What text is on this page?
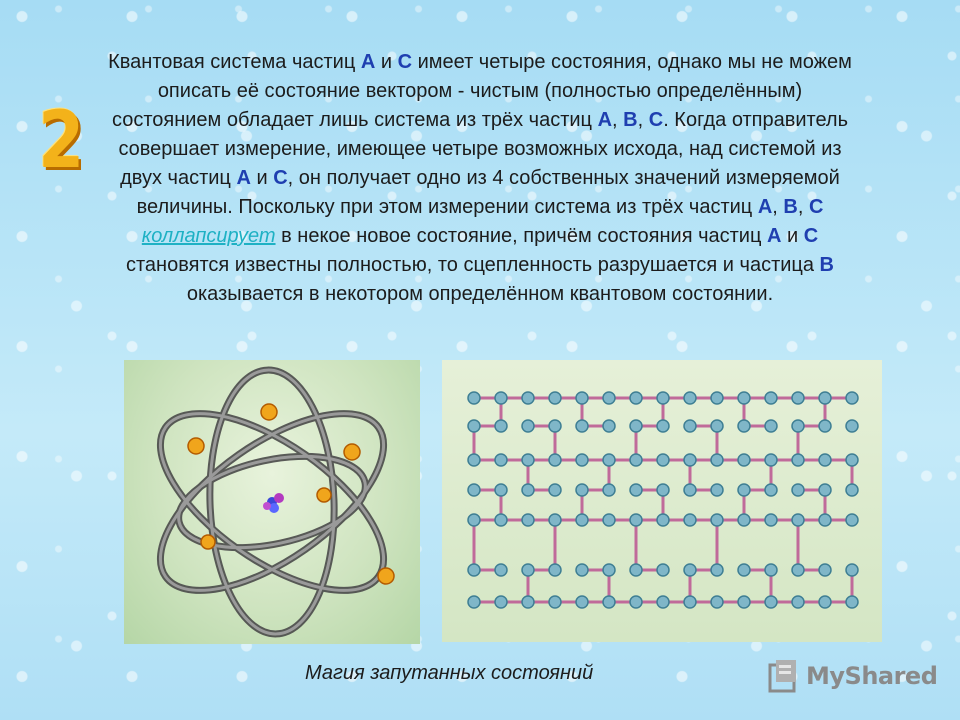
2
Квантовая система частиц А и С имеет четыре состояния, однако мы не можем описать её состояние вектором - чистым (полностью определённым) состоянием обладает лишь система из трёх частиц А, В, С. Когда отправитель совершает измерение, имеющее четыре возможных исхода, над системой из двух частиц А и С, он получает одно из 4 собственных значений измеряемой величины. Поскольку при этом измерении система из трёх частиц А, В, С коллапсирует в некое новое состояние, причём состояния частиц А и С становятся известны полностью, то сцепленность разрушается и частица В оказывается в некотором определённом квантовом состоянии.
Магия запутанных состояний	MyShared
